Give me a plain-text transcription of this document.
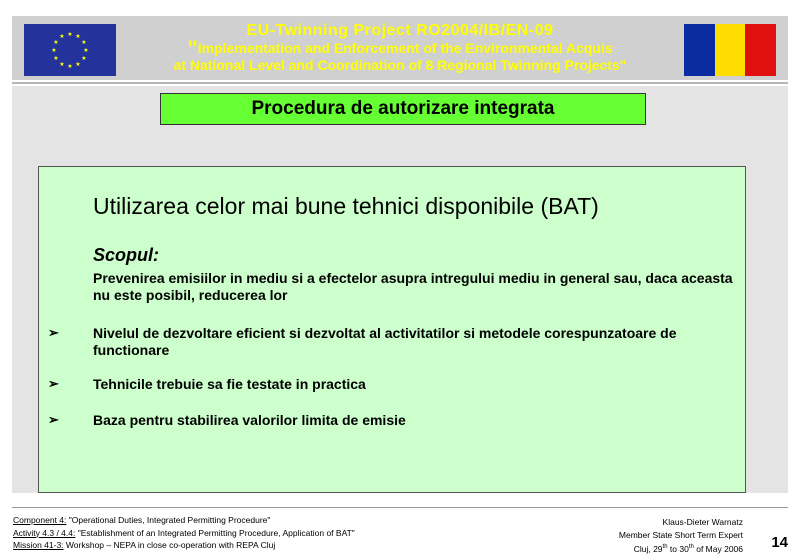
★ ★
★
★
★
★
★
★
★
★
★
★	EU-Twinning Project RO2004/IB/EN-09
"Implementation and Enforcement of the Environmental Acquis
at National Level and Coordination of 8 Regional Twinning Projects"
Procedura de autorizare integrata
Utilizarea celor mai bune tehnici disponibile (BAT)
Scopul:
Prevenirea emisiilor in mediu si a efectelor asupra intregului mediu in general sau, daca aceasta nu este posibil, reducerea lor
➢ Nivelul de dezvoltare eficient si dezvoltat al activitatilor si metodele corespunzatoare de functionare
➢ Tehnicile trebuie sa fie testate in practica
➢ Baza pentru stabilirea valorilor limita de emisie
Component 4: "Operational Duties, Integrated Permitting Procedure"
Activity 4.3 / 4.4: "Establishment of an Integrated Permitting Procedure, Application of BAT"
Mission 41-3: Workshop – NEPA in close co-operation with REPA Cluj
Klaus-Dieter Warnatz
Member State Short Term Expert
Cluj, 29th to 30th of May 2006 14
